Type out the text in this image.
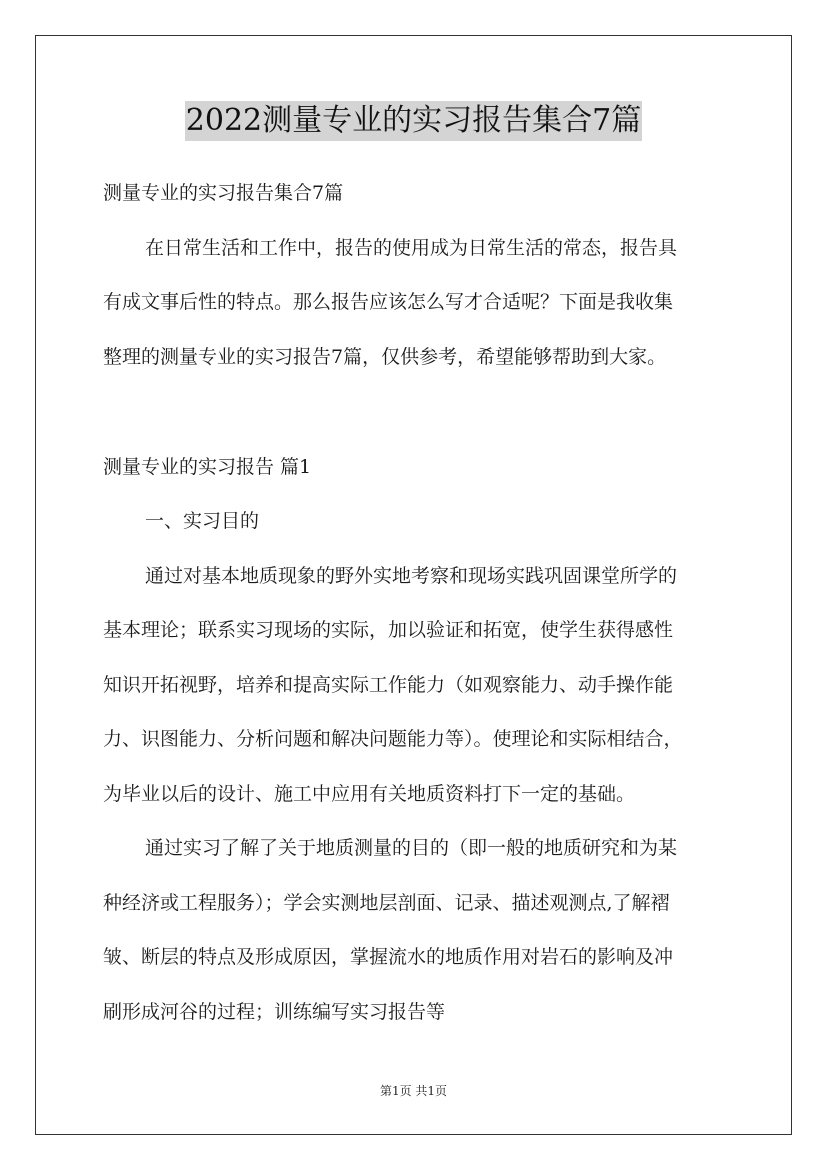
2022测量专业的实习报告集合7篇
测量专业的实习报告集合7篇
在日常生活和工作中，报告的使用成为日常生活的常态，报告具
有成文事后性的特点。那么报告应该怎么写才合适呢？下面是我收集
整理的测量专业的实习报告7篇，仅供参考，希望能够帮助到大家。
测量专业的实习报告 篇1
一、实习目的
通过对基本地质现象的野外实地考察和现场实践巩固课堂所学的
基本理论；联系实习现场的实际，加以验证和拓宽，使学生获得感性
知识开拓视野，培养和提高实际工作能力（如观察能力、动手操作能
力、识图能力、分析问题和解决问题能力等）。使理论和实际相结合，
为毕业以后的设计、施工中应用有关地质资料打下一定的基础。
通过实习了解了关于地质测量的目的（即一般的地质研究和为某
种经济或工程服务）；学会实测地层剖面、记录、描述观测点,了解褶
皱、断层的特点及形成原因，掌握流水的地质作用对岩石的影响及冲
刷形成河谷的过程；训练编写实习报告等
第1页 共1页
